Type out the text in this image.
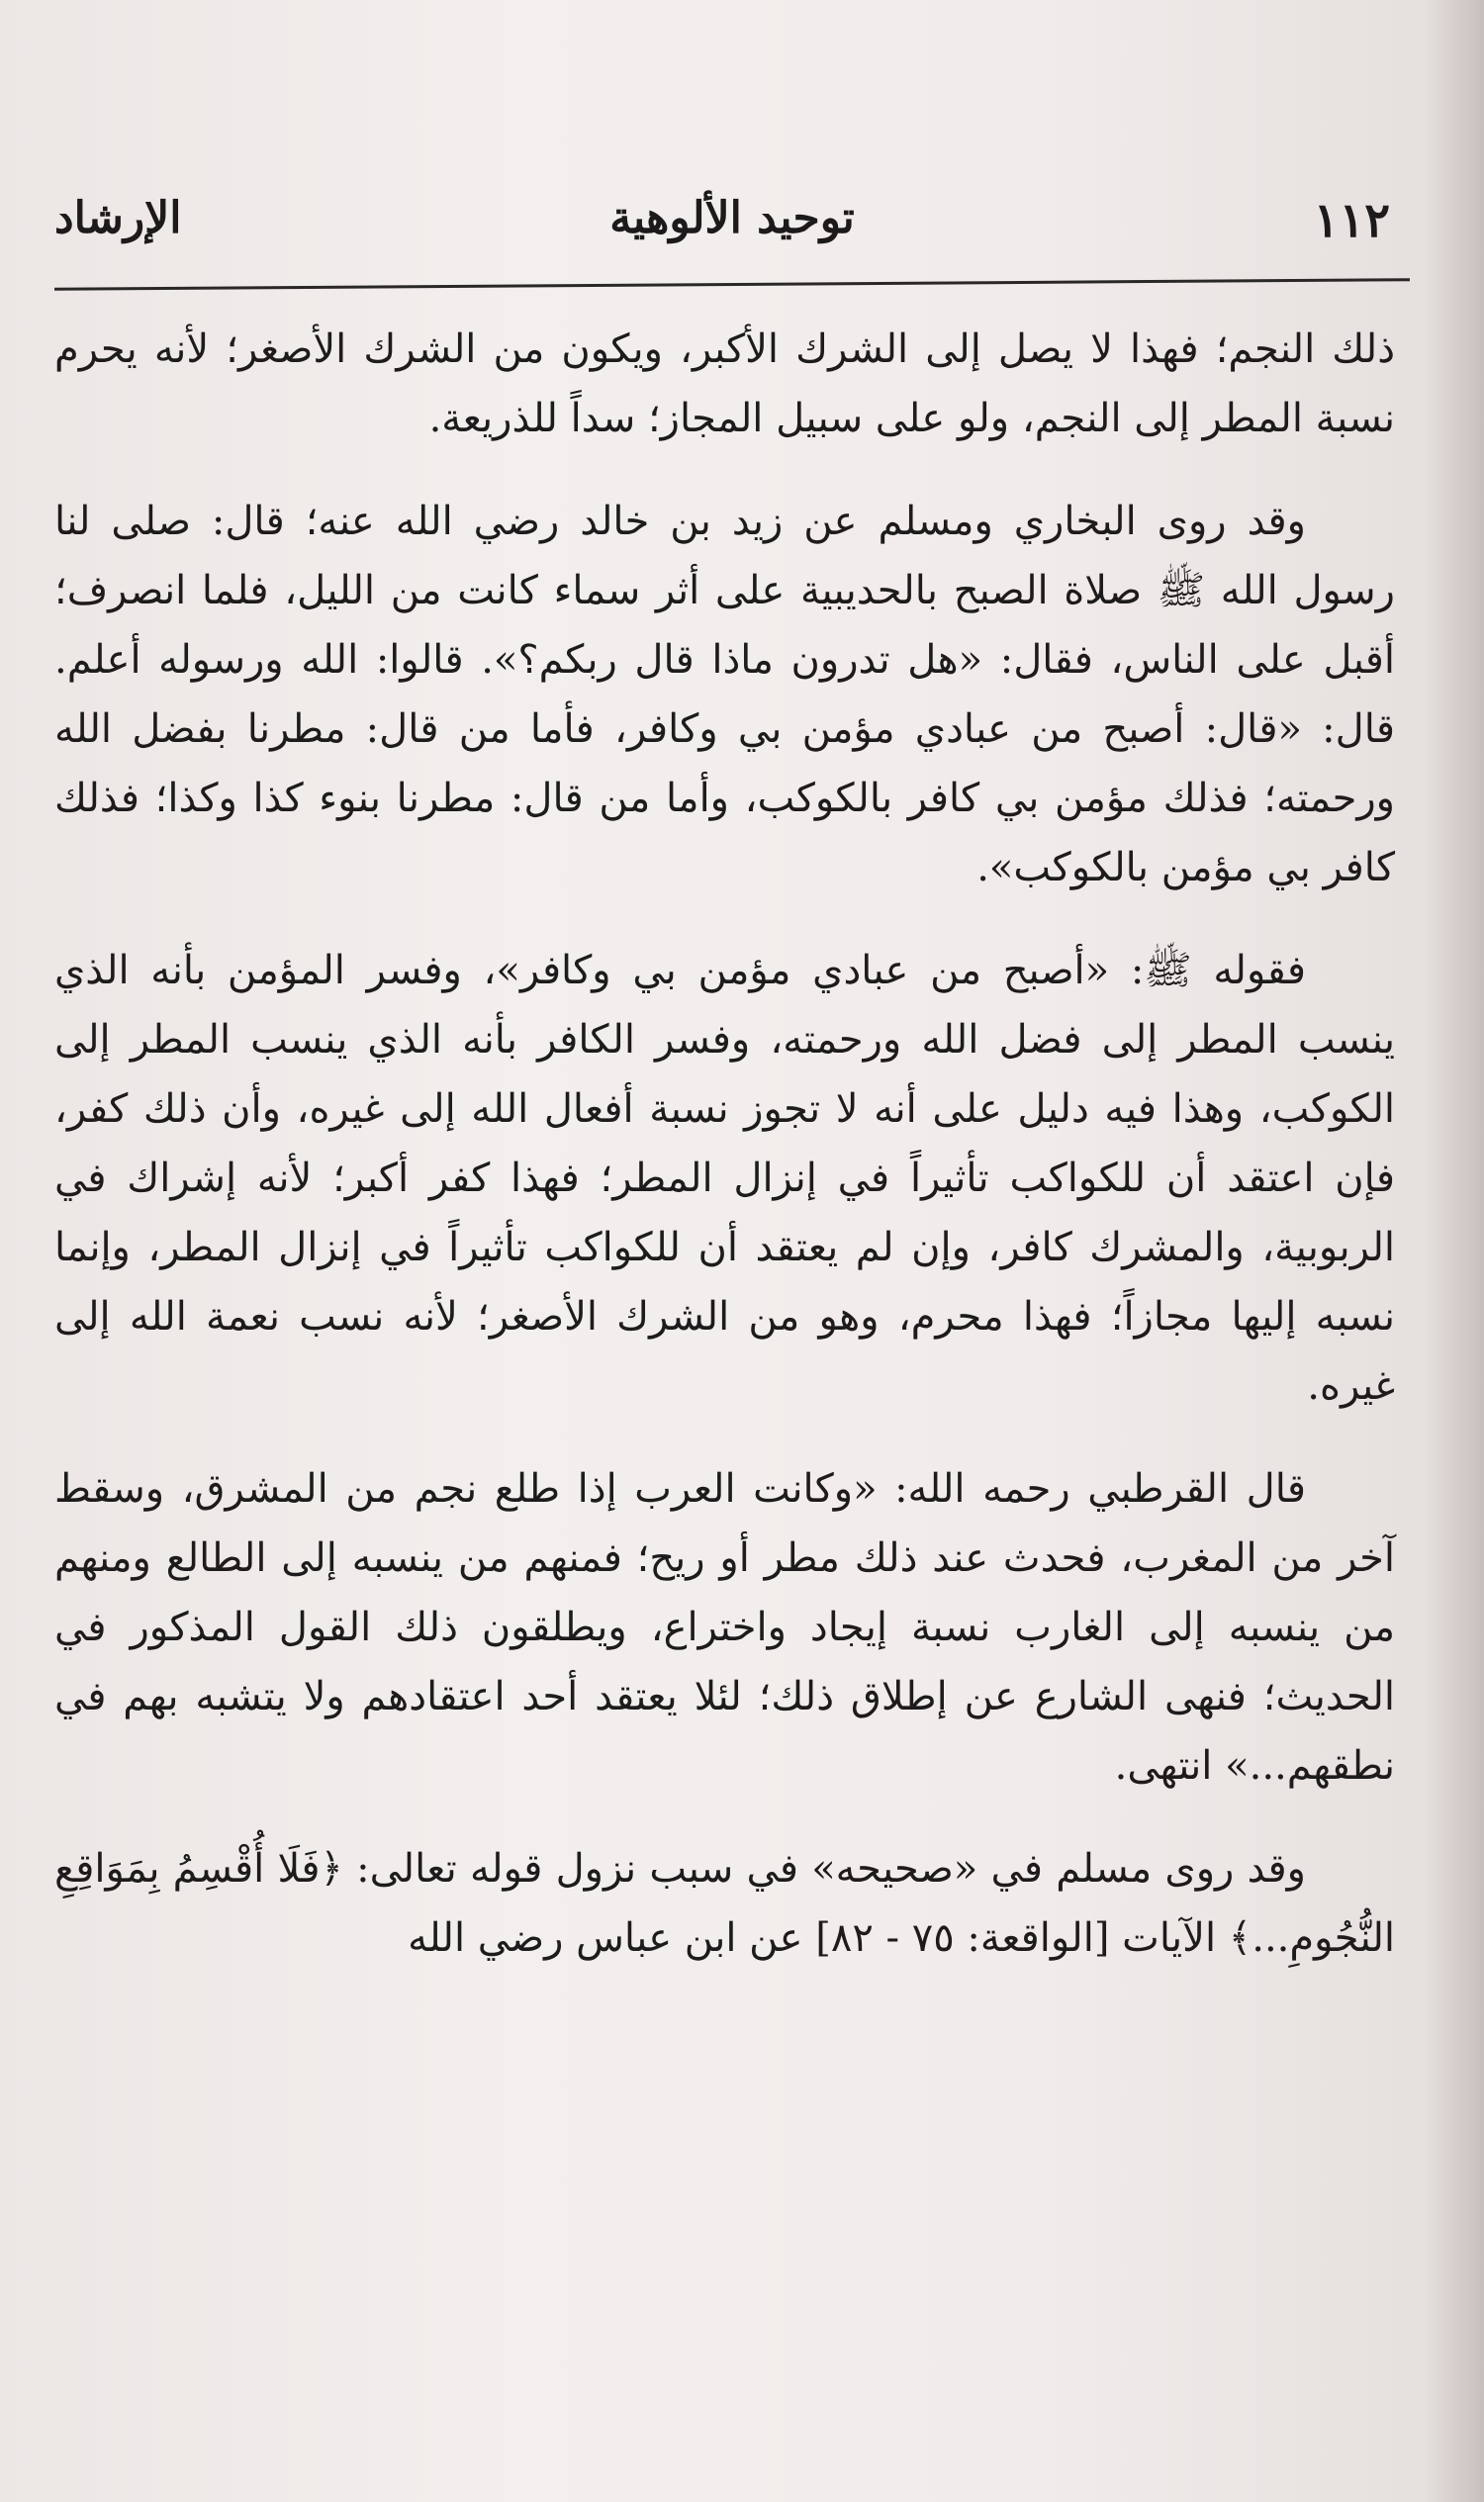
١١٢
توحيد الألوهية
الإرشاد

ذلك النجم؛ فهذا لا يصل إلى الشرك الأكبر، ويكون من الشرك الأصغر؛ لأنه يحرم نسبة المطر إلى النجم، ولو على سبيل المجاز؛ سداً للذريعة.

وقد روى البخاري ومسلم عن زيد بن خالد رضي الله عنه؛ قال: صلى لنا رسول الله ﷺ صلاة الصبح بالحديبية على أثر سماء كانت من الليل، فلما انصرف؛ أقبل على الناس، فقال: «هل تدرون ماذا قال ربكم؟». قالوا: الله ورسوله أعلم. قال: «قال: أصبح من عبادي مؤمن بي وكافر، فأما من قال: مطرنا بفضل الله ورحمته؛ فذلك مؤمن بي كافر بالكوكب، وأما من قال: مطرنا بنوء كذا وكذا؛ فذلك كافر بي مؤمن بالكوكب».

فقوله ﷺ: «أصبح من عبادي مؤمن بي وكافر»، وفسر المؤمن بأنه الذي ينسب المطر إلى فضل الله ورحمته، وفسر الكافر بأنه الذي ينسب المطر إلى الكوكب، وهذا فيه دليل على أنه لا تجوز نسبة أفعال الله إلى غيره، وأن ذلك كفر، فإن اعتقد أن للكواكب تأثيراً في إنزال المطر؛ فهذا كفر أكبر؛ لأنه إشراك في الربوبية، والمشرك كافر، وإن لم يعتقد أن للكواكب تأثيراً في إنزال المطر، وإنما نسبه إليها مجازاً؛ فهذا محرم، وهو من الشرك الأصغر؛ لأنه نسب نعمة الله إلى غيره.

قال القرطبي رحمه الله: «وكانت العرب إذا طلع نجم من المشرق، وسقط آخر من المغرب، فحدث عند ذلك مطر أو ريح؛ فمنهم من ينسبه إلى الطالع ومنهم من ينسبه إلى الغارب نسبة إيجاد واختراع، ويطلقون ذلك القول المذكور في الحديث؛ فنهى الشارع عن إطلاق ذلك؛ لئلا يعتقد أحد اعتقادهم ولا يتشبه بهم في نطقهم...» انتهى.

وقد روى مسلم في «صحيحه» في سبب نزول قوله تعالى: ﴿فَلَا أُقْسِمُ بِمَوَاقِعِ النُّجُومِ...﴾ الآيات [الواقعة: ٧٥ - ٨٢] عن ابن عباس رضي الله
